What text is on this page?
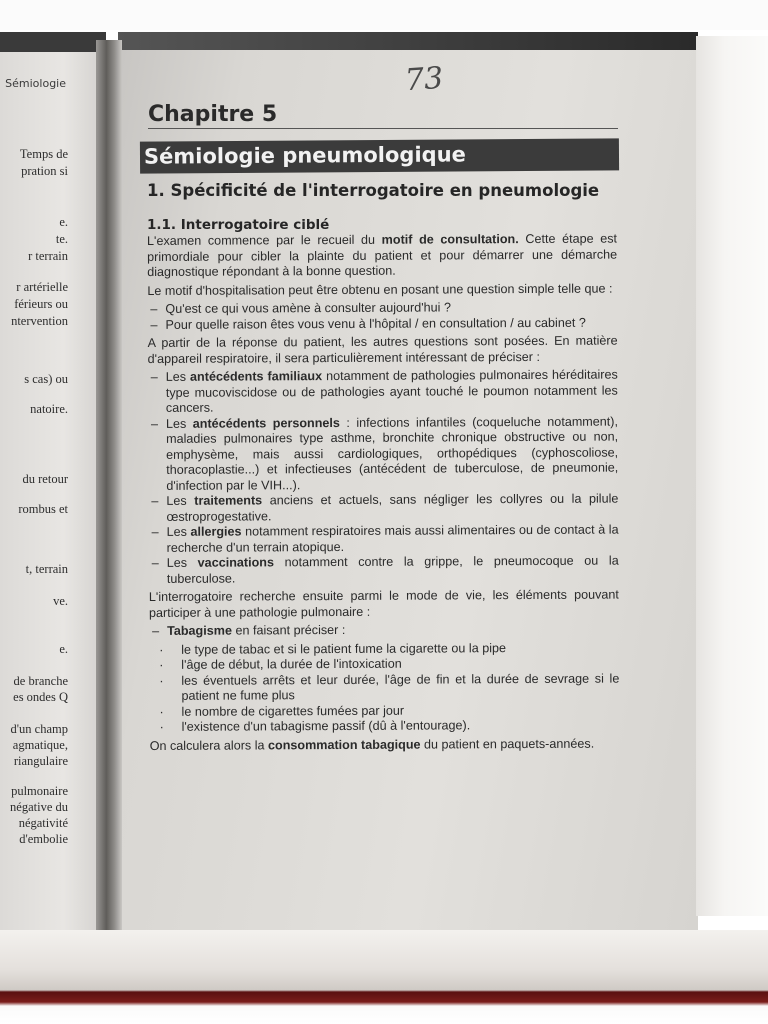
Sémiologie
Temps de
pration si
e.
te.
r terrain
r artérielle
férieurs ou
ntervention
s cas) ou
natoire.
du retour
rombus et
t, terrain
ve.
e.
de branche
es ondes Q
d'un champ
agmatique,
riangulaire
pulmonaire
négative du
négativité
d'embolie
73
Chapitre 5
Sémiologie pneumologique
1. Spécificité de l'interrogatoire en pneumologie
1.1. Interrogatoire ciblé

L'examen commence par le recueil du motif de consultation. Cette étape est primordiale pour cibler la plainte du patient et pour démarrer une démarche diagnostique répondant à la bonne question.

Le motif d'hospitalisation peut être obtenu en posant une question simple telle que :

– Qu'est ce qui vous amène à consulter aujourd'hui ?
– Pour quelle raison êtes vous venu à l'hôpital / en consultation / au cabinet ?

A partir de la réponse du patient, les autres questions sont posées. En matière d'appareil respiratoire, il sera particulièrement intéressant de préciser :

– Les antécédents familiaux notamment de pathologies pulmonaires héréditaires type mucoviscidose ou de pathologies ayant touché le poumon notamment les cancers.
– Les antécédents personnels : infections infantiles (coqueluche notamment), maladies pulmonaires type asthme, bronchite chronique obstructive ou non, emphysème, mais aussi cardiologiques, orthopédiques (cyphoscoliose, thoracoplastie...) et infectieuses (antécédent de tuberculose, de pneumonie, d'infection par le VIH...).
– Les traitements anciens et actuels, sans négliger les collyres ou la pilule œstroprogestative.
– Les allergies notamment respiratoires mais aussi alimentaires ou de contact à la recherche d'un terrain atopique.
– Les vaccinations notamment contre la grippe, le pneumocoque ou la tuberculose.

L'interrogatoire recherche ensuite parmi le mode de vie, les éléments pouvant participer à une pathologie pulmonaire :

– Tabagisme en faisant préciser :
· le type de tabac et si le patient fume la cigarette ou la pipe
· l'âge de début, la durée de l'intoxication
· les éventuels arrêts et leur durée, l'âge de fin et la durée de sevrage si le patient ne fume plus
· le nombre de cigarettes fumées par jour
· l'existence d'un tabagisme passif (dû à l'entourage).

On calculera alors la consommation tabagique du patient en paquets-années.
